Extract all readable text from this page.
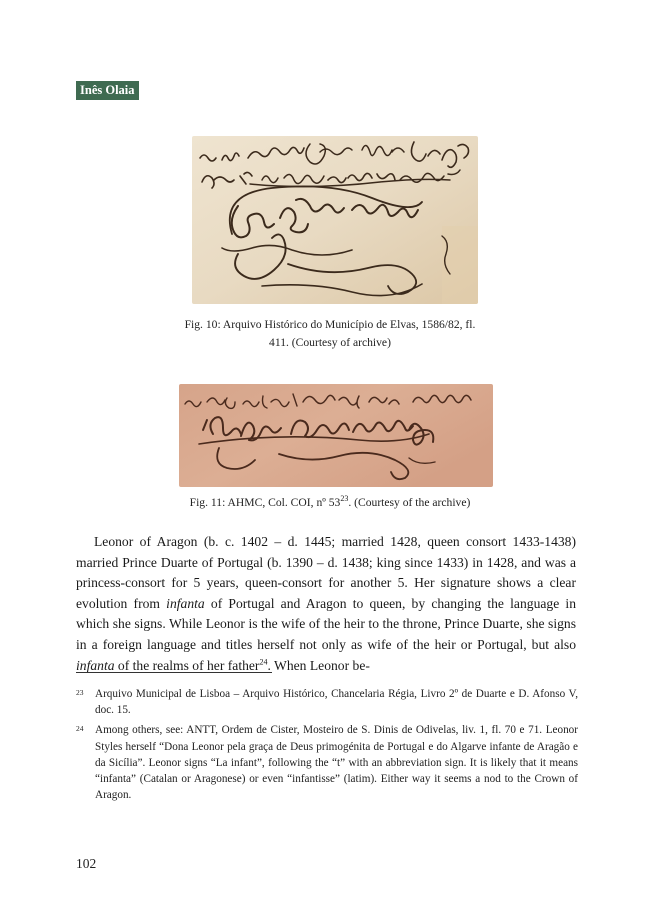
Inês Olaia
Fig. 10: Arquivo Histórico do Município de Elvas, 1586/82, fl.
411. (Courtesy of archive)
Fig. 11: AHMC, Col. COI, nº $53^{23}$. (Courtesy of the archive)

Leonor of Aragon (b. c. 1402 – d. 1445; married 1428, queen consort 1433-1438) married Prince Duarte of Portugal (b. 1390 – d. 1438; king since 1433) in 1428, and was a princess-consort for 5 years, queen-consort for another 5. Her signature shows a clear evolution from infanta of Portugal and Aragon to queen, by changing the language in which she signs. While Leonor is the wife of the heir to the throne, Prince Duarte, she signs in a foreign language and titles herself not only as wife of the heir or Portugal, but also infanta of the realms of her father$^{24}$. When Leonor be-

23 Arquivo Municipal de Lisboa – Arquivo Histórico, Chancelaria Régia, Livro 2º de Duarte e D. Afonso V, doc. 15.
24 Among others, see: ANTT, Ordem de Cister, Mosteiro de S. Dinis de Odivelas, liv. 1, fl. 70 e 71. Leonor Styles herself “Dona Leonor pela graça de Deus primogénita de Portugal e do Algarve infante de Aragão e da Sicília”. Leonor signs “La infant”, following the “t” with an abbreviation sign. It is likely that it means “infanta” (Catalan or Aragonese) or even “infantisse” (latim). Either way it seems a nod to the Crown of Aragon.
102
